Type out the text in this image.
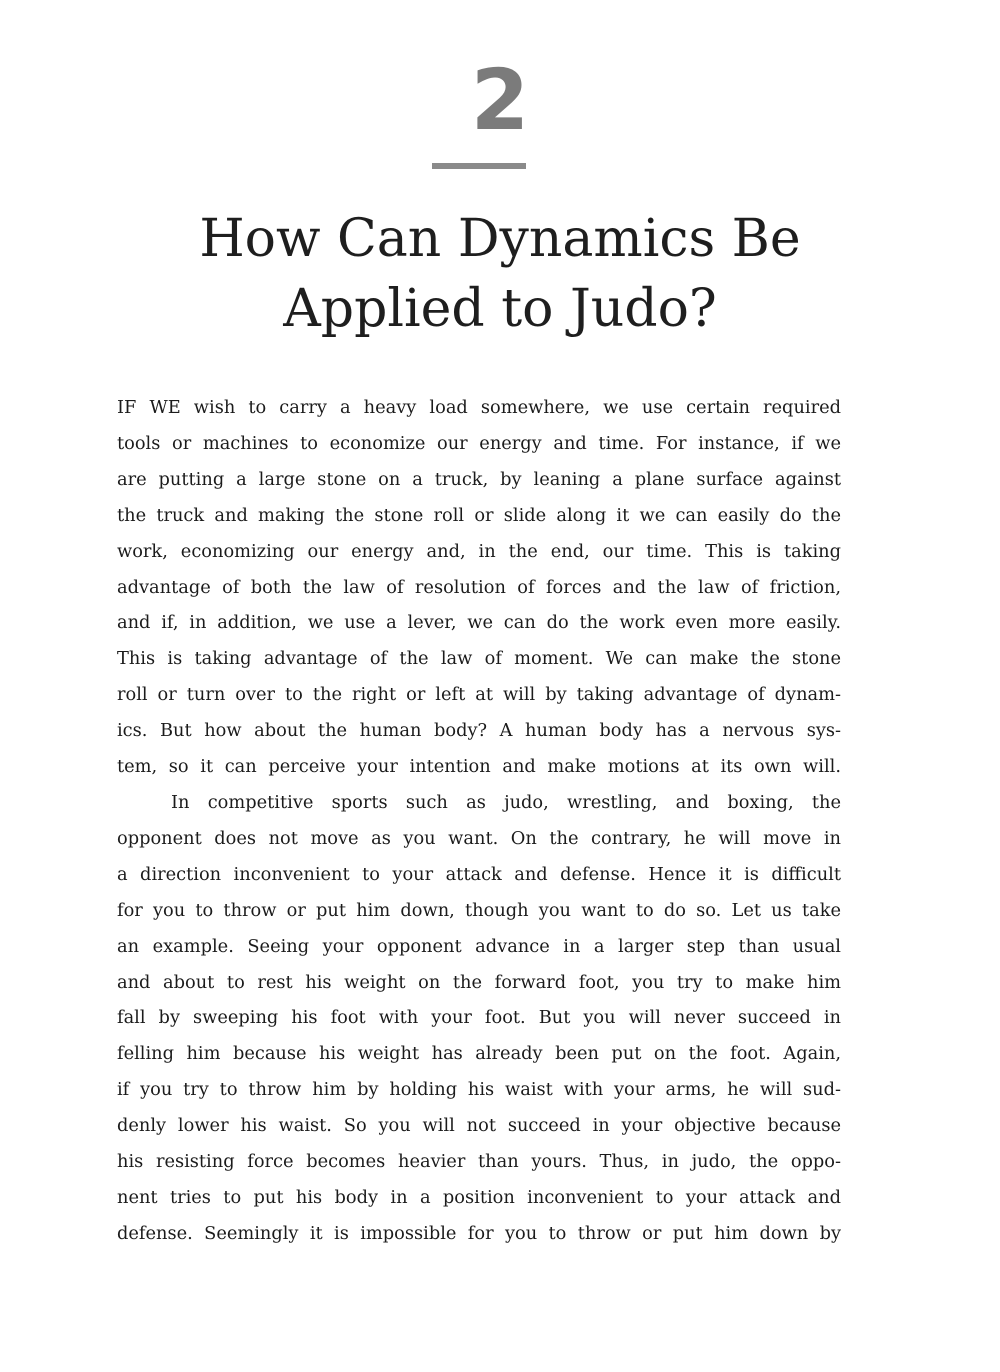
2
How Can Dynamics Be
Applied to Judo?
IF WE wish to carry a heavy load somewhere, we use certain required
tools or machines to economize our energy and time. For instance, if we
are putting a large stone on a truck, by leaning a plane surface against
the truck and making the stone roll or slide along it we can easily do the
work, economizing our energy and, in the end, our time. This is taking
advantage of both the law of resolution of forces and the law of friction,
and if, in addition, we use a lever, we can do the work even more easily.
This is taking advantage of the law of moment. We can make the stone
roll or turn over to the right or left at will by taking advantage of dynam-
ics. But how about the human body? A human body has a nervous sys-
tem, so it can perceive your intention and make motions at its own will.
In competitive sports such as judo, wrestling, and boxing, the
opponent does not move as you want. On the contrary, he will move in
a direction inconvenient to your attack and defense. Hence it is difficult
for you to throw or put him down, though you want to do so. Let us take
an example. Seeing your opponent advance in a larger step than usual
and about to rest his weight on the forward foot, you try to make him
fall by sweeping his foot with your foot. But you will never succeed in
felling him because his weight has already been put on the foot. Again,
if you try to throw him by holding his waist with your arms, he will sud-
denly lower his waist. So you will not succeed in your objective because
his resisting force becomes heavier than yours. Thus, in judo, the oppo-
nent tries to put his body in a position inconvenient to your attack and
defense. Seemingly it is impossible for you to throw or put him down by
